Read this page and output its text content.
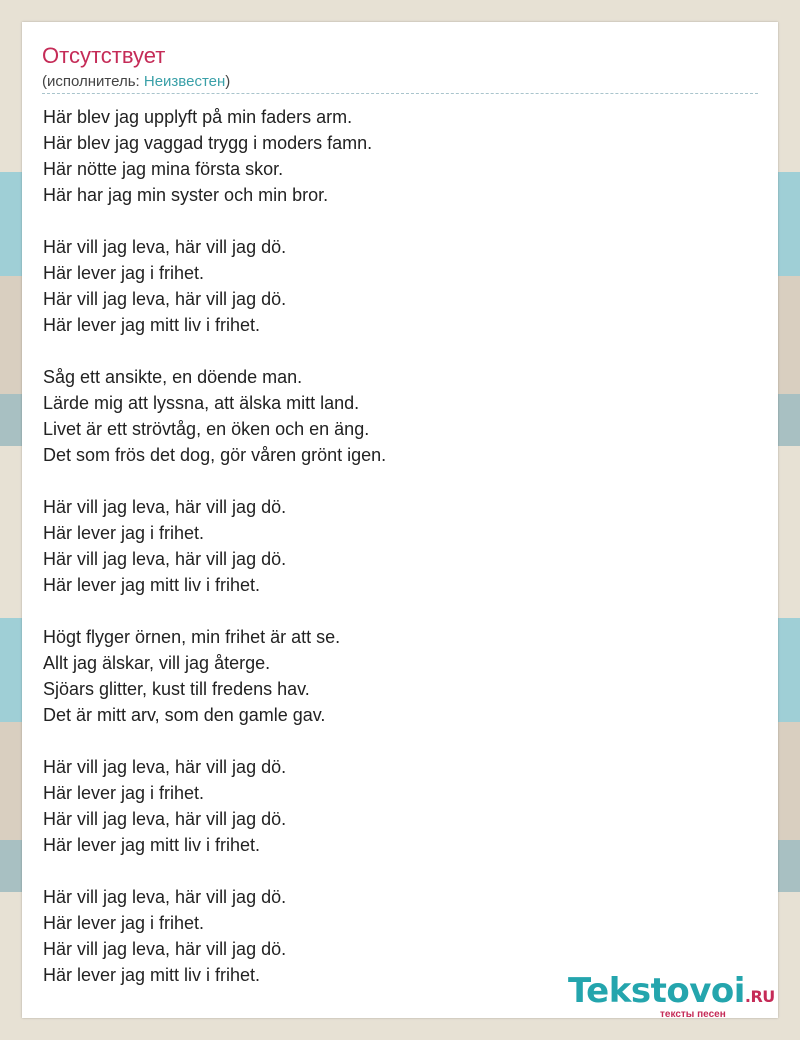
Отсутствует
(исполнитель: Неизвестен)
Här blev jag upplyft på min faders arm.
Här blev jag vaggad trygg i moders famn.
Här nötte jag mina första skor.
Här har jag min syster och min bror.
Här vill jag leva, här vill jag dö.
Här lever jag i frihet.
Här vill jag leva, här vill jag dö.
Här lever jag mitt liv i frihet.
Såg ett ansikte, en döende man.
Lärde mig att lyssna, att älska mitt land.
Livet är ett strövtåg, en öken och en äng.
Det som frös det dog, gör våren grönt igen.
Här vill jag leva, här vill jag dö.
Här lever jag i frihet.
Här vill jag leva, här vill jag dö.
Här lever jag mitt liv i frihet.
Högt flyger örnen, min frihet är att se.
Allt jag älskar, vill jag återge.
Sjöars glitter, kust till fredens hav.
Det är mitt arv, som den gamle gav.
Här vill jag leva, här vill jag dö.
Här lever jag i frihet.
Här vill jag leva, här vill jag dö.
Här lever jag mitt liv i frihet.
Här vill jag leva, här vill jag dö.
Här lever jag i frihet.
Här vill jag leva, här vill jag dö.
Här lever jag mitt liv i frihet.	Tekstovoi.RU
тексты песен
